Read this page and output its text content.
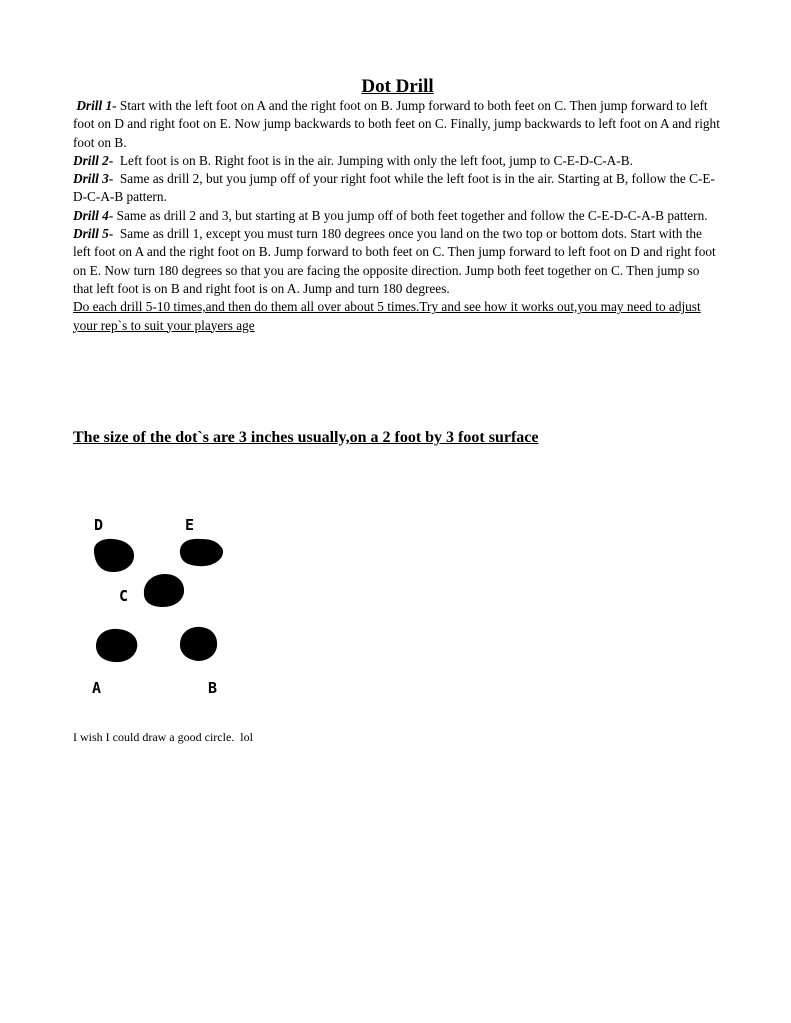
Dot Drill

Drill 1- Start with the left foot on A and the right foot on B. Jump forward to both feet on C. Then jump forward to left foot on D and right foot on E. Now jump backwards to both feet on C. Finally, jump backwards to left foot on A and right foot on B.

Drill 2-  Left foot is on B. Right foot is in the air. Jumping with only the left foot, jump to C-E-D-C-A-B.

Drill 3-  Same as drill 2, but you jump off of your right foot while the left foot is in the air. Starting at B, follow the C-E-D-C-A-B pattern.

Drill 4- Same as drill 2 and 3, but starting at B you jump off of both feet together and follow the C-E-D-C-A-B pattern.

Drill 5-  Same as drill 1, except you must turn 180 degrees once you land on the two top or bottom dots. Start with the left foot on A and the right foot on B. Jump forward to both feet on C. Then jump forward to left foot on D and right foot on E. Now turn 180 degrees so that you are facing the opposite direction. Jump both feet together on C. Then jump so that left foot is on B and right foot is on A. Jump and turn 180 degrees.

Do each drill 5-10 times,and then do them all over about 5 times.Try and see how it works out,you may need to adjust your rep`s to suit your players age

The size of the dot`s are 3 inches usually,on a 2 foot by 3 foot surface
D	E
C
A	B

I wish I could draw a good circle.  lol
